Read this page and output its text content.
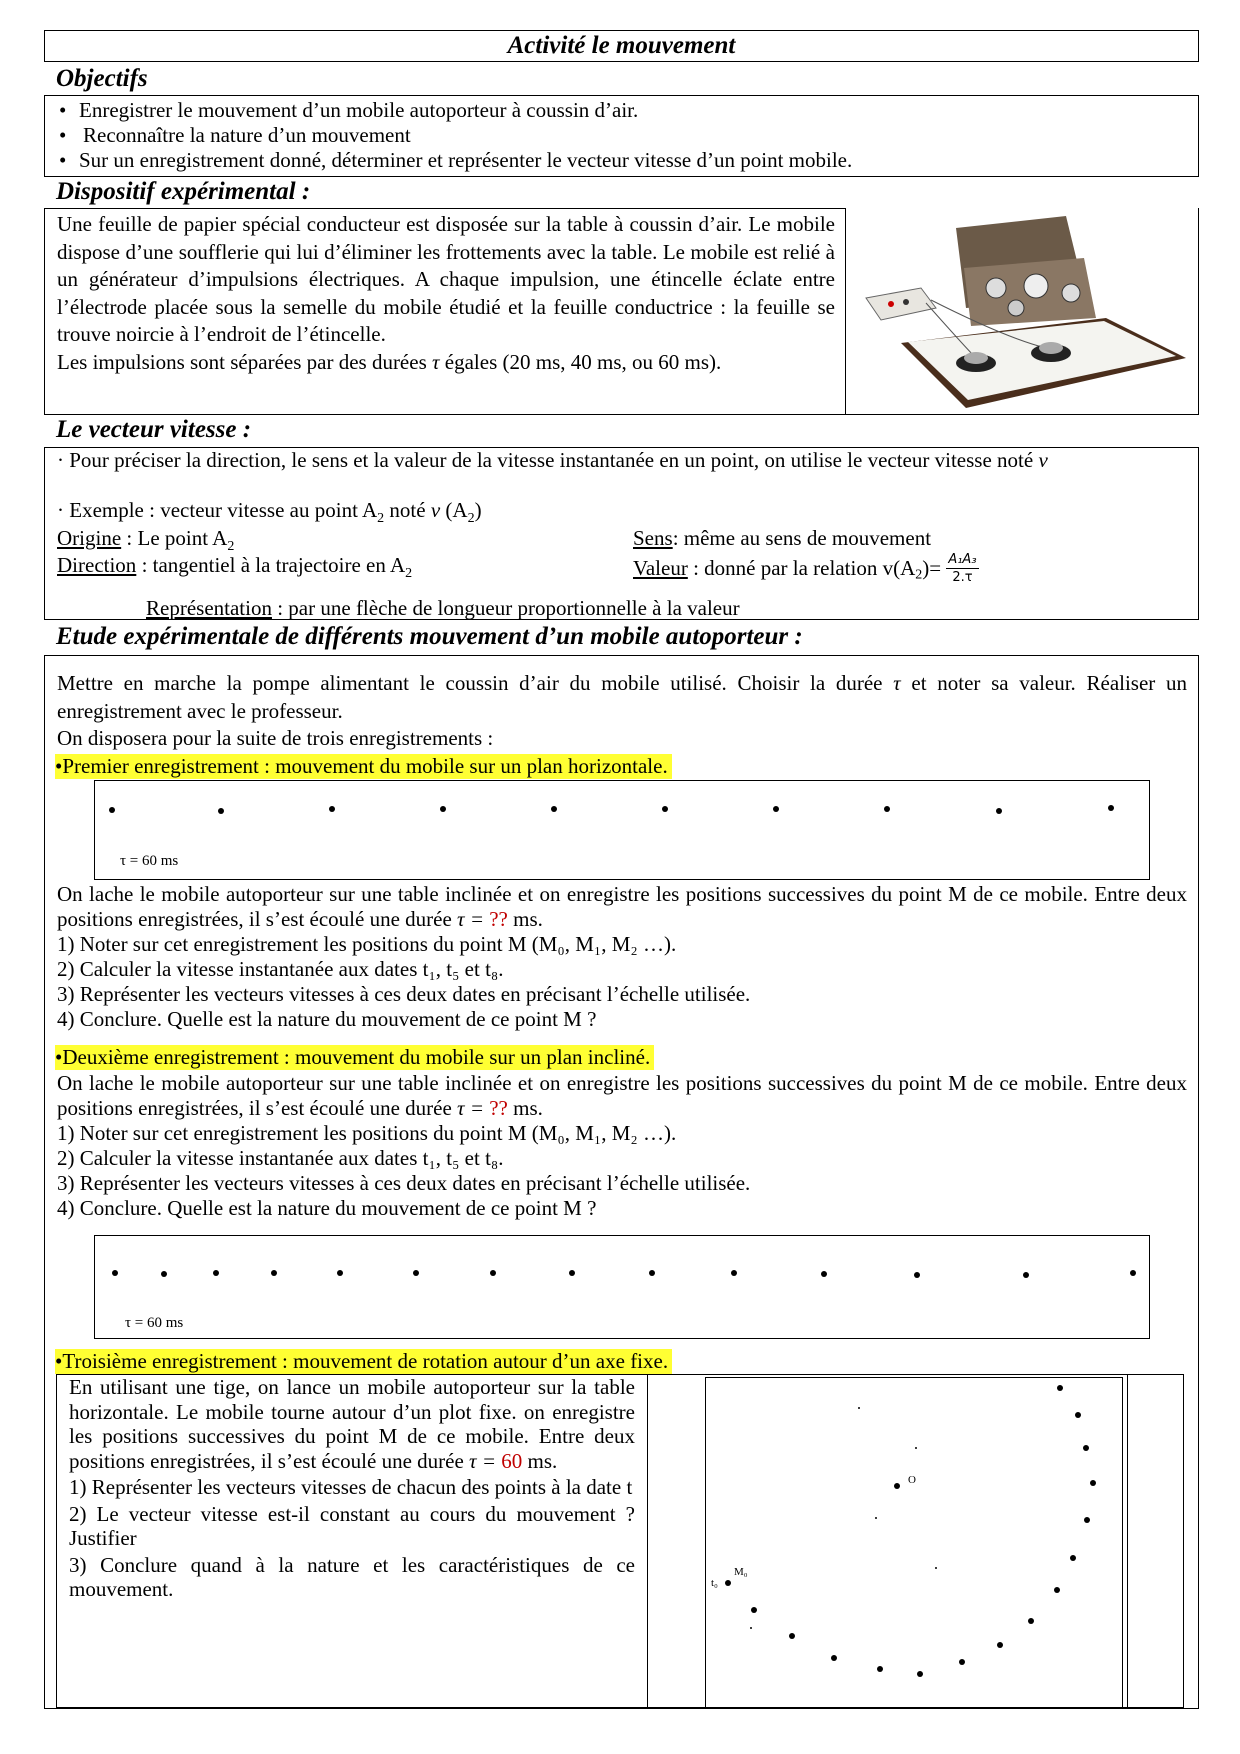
Activité le mouvement
Objectifs
• Enregistrer le mouvement d’un mobile autoporteur à coussin d’air.
• Reconnaître la nature d’un mouvement
• Sur un enregistrement donné, déterminer et représenter le vecteur vitesse d’un point mobile.
Dispositif expérimental :

Une feuille de papier spécial conducteur est disposée sur la table à coussin d’air. Le mobile dispose d’une soufflerie qui lui d’éliminer les frottements avec la table. Le mobile est relié à un générateur d’impulsions électriques. A chaque impulsion, une étincelle éclate entre l’électrode placée sous la semelle du mobile étudié et la feuille conductrice : la feuille se trouve noircie à l’endroit de l’étincelle.

Les impulsions sont séparées par des durées τ égales (20 ms, 40 ms, ou 60 ms).

Le vecteur vitesse :
· Pour préciser la direction, le sens et la valeur de la vitesse instantanée en un point, on utilise le vecteur vitesse noté v
· Exemple : vecteur vitesse au point $A_2$ noté v $(A_2)$
Origine : Le point $A_2$
Direction : tangentiel à la trajectoire en $A_2$
Sens: même au sens de mouvement
Valeur : donné par la relation $v(A_2)= \frac{\text{A₁A₃}}{2.\tau}$
Représentation : par une flèche de longueur proportionnelle à la valeur
Etude expérimentale de différents mouvement d’un mobile autoporteur :

Mettre en marche la pompe alimentant le coussin d’air du mobile utilisé. Choisir la durée τ et noter sa valeur. Réaliser un enregistrement avec le professeur.

On disposera pour la suite de trois enregistrements :

•Premier enregistrement : mouvement du mobile sur un plan horizontale.
τ = 60 ms

On lache le mobile autoporteur sur une table inclinée et on enregistre les positions successives du point M de ce mobile. Entre deux positions enregistrées, il s’est écoulé une durée τ = ?? ms.

1) Noter sur cet enregistrement les positions du point M (M₀, M₁, M₂ …).

2) Calculer la vitesse instantanée aux dates t₁, t₅ et t₈.

3) Représenter les vecteurs vitesses à ces deux dates en précisant l’échelle utilisée.

4) Conclure. Quelle est la nature du mouvement de ce point M ?

•Deuxième enregistrement : mouvement du mobile sur un plan incliné.

On lache le mobile autoporteur sur une table inclinée et on enregistre les positions successives du point M de ce mobile. Entre deux positions enregistrées, il s’est écoulé une durée τ = ?? ms.

1) Noter sur cet enregistrement les positions du point M (M₀, M₁, M₂ …).

2) Calculer la vitesse instantanée aux dates t₁, t₅ et t₈.

3) Représenter les vecteurs vitesses à ces deux dates en précisant l’échelle utilisée.

4) Conclure. Quelle est la nature du mouvement de ce point M ?

τ = 60 ms
•Troisième enregistrement : mouvement de rotation autour d’un axe fixe.

En utilisant une tige, on lance un mobile autoporteur sur la table horizontale. Le mobile tourne autour d’un plot fixe. on enregistre les positions successives du point M de ce mobile. Entre deux positions enregistrées, il s’est écoulé une durée τ = 60 ms.

1) Représenter les vecteurs vitesses de chacun des points à la date t

2) Le vecteur vitesse est-il constant au cours du mouvement ? Justifier

3) Conclure quand à la nature et les caractéristiques de ce mouvement.

O
t₀
M₀
